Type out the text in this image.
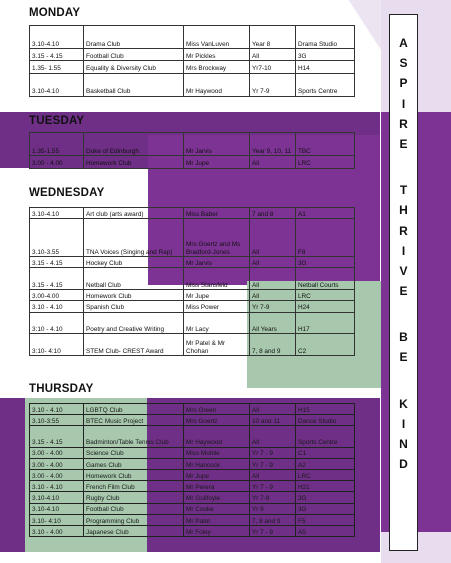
A
S
P
I
R
E
T
H
R
I
V
E
B
E
K
I
N
D
MONDAY
3.10-4.10	Drama Club	Miss VanLuven	Year 8	Drama Studio
3.15 - 4.15	Football Club	Mr Pickles	All	3G
1.35- 1.55	Equality & Diversity Club	Mrs Brockway	Yr7-10	H14
3.10-4.10	Basketball Club	Mr Haywood	Yr 7-9	Sports Centre
TUESDAY
1.35-1.55	Duke of Edinburgh	Mr Jarvis	Year 9, 10, 11	TBC
3.00 - 4.00	Homework Club	Mr Jupe	All	LRC
WEDNESDAY
3.10-4.10	Art club (arts award)	Miss Baber	7 and 8	A1
3.10-3.55	TNA Voices (Singing and Rap)	Mrs Goertz and Ms Bradford-Jones	All	F8
3.15 - 4.15	Hockey Club	Mr Jarvis	All	3G
3.15 - 4.15	Netball Club	Miss Stansfeld	All	Netball Courts
3.00-4.00	Homework Club	Mr Jupe	All	LRC
3.10 - 4.10	Spanish Club	Miss Power	Yr 7-9	H24
3:10 - 4.10	Poetry and Creative Writing	Mr Lacy	All Years	H17
3:10- 4:10	STEM Club- CREST Award	Mr Patel & Mr Chohan	7, 8 and 9	C2
THURSDAY
3.10 - 4.10	LGBTQ Club	Mrs Green	All	H15
3.10-3:55	BTEC Music Project	Mrs Goertz	10 and 11	Dance Studio
3.15 - 4.15	Badminton/Table Tennis Club	Mr Haywood	All	Sports Centre
3.00 - 4.00	Science Club	Miss Mohile	Yr 7 - 9	C1
3.00 - 4.00	Games Club	Mr Hancock	Yr 7 - 9	A2
3.00 - 4.00	Homework Club	Mr Jupe	All	LRC
3.10 - 4.10	French Film Club	Mr Perera	Yr 7 - 9	H21
3.10-4.10	Rugby Club	Mr Guilfoyle	Yr 7-9	3G
3.10-4.10	Football Club	Mr Cooke	Yr 9	3G
3.10- 4:10	Programming Club	Mr Patel	7, 8 and 9	F5
3.10 - 4.00	Japanese Club	Mr Foley	Yr 7 - 9	A5
